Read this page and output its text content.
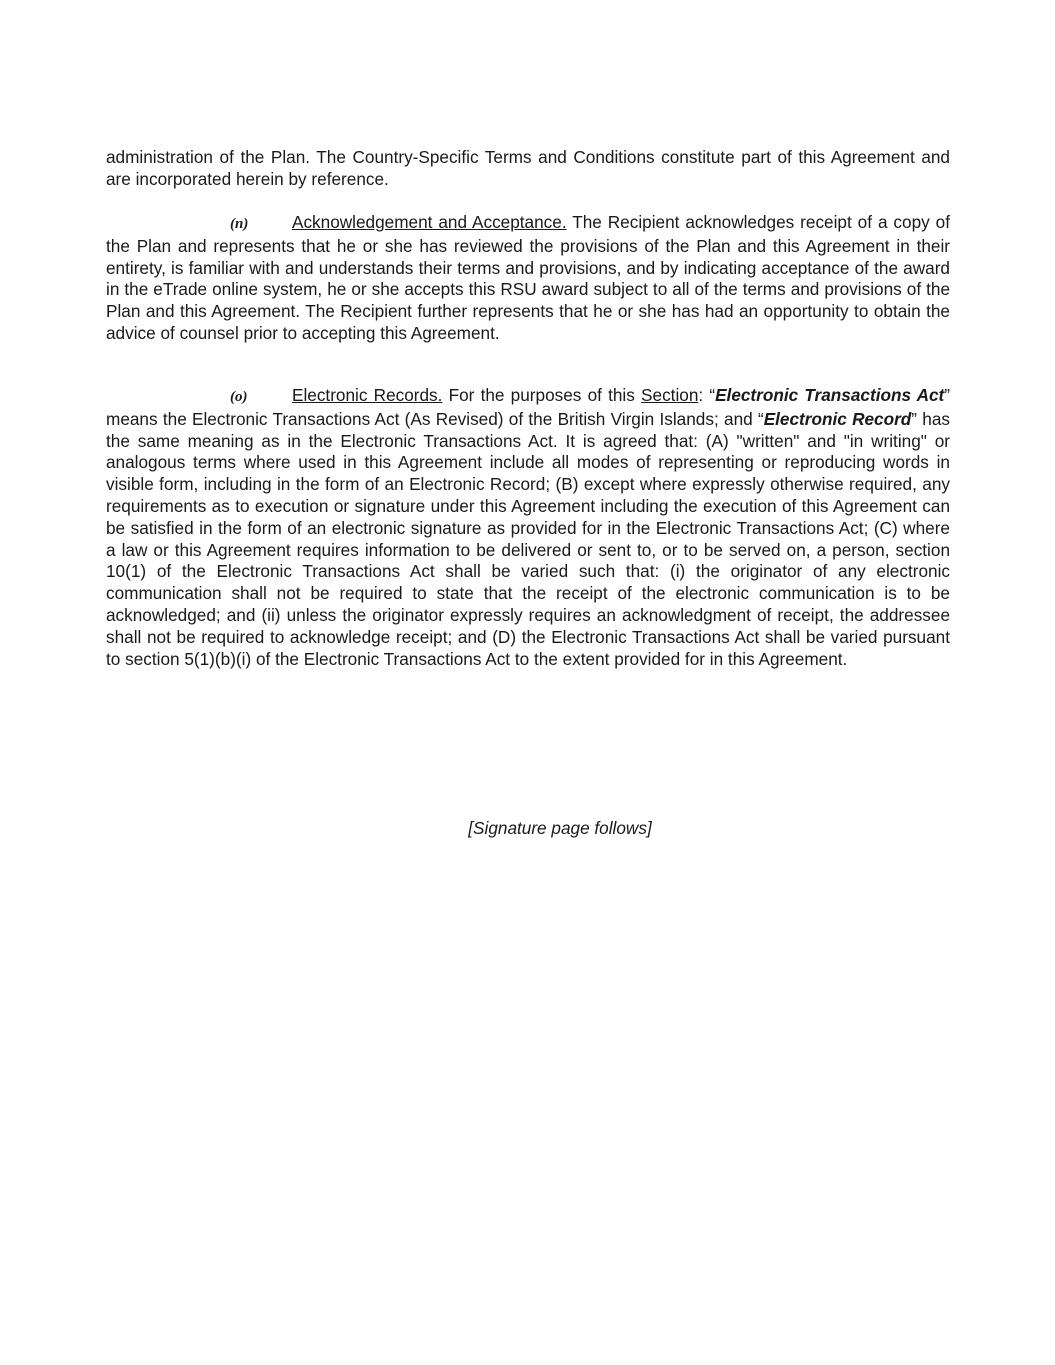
administration of the Plan. The Country-Specific Terms and Conditions constitute part of this Agreement and are incorporated herein by reference.

(n)	Acknowledgement and Acceptance. The Recipient acknowledges receipt of a copy of the Plan and represents that he or she has reviewed the provisions of the Plan and this Agreement in their entirety, is familiar with and understands their terms and provisions, and by indicating acceptance of the award in the eTrade online system, he or she accepts this RSU award subject to all of the terms and provisions of the Plan and this Agreement. The Recipient further represents that he or she has had an opportunity to obtain the advice of counsel prior to accepting this Agreement.

(o)	Electronic Records. For the purposes of this Section: “Electronic Transactions Act” means the Electronic Transactions Act (As Revised) of the British Virgin Islands; and “Electronic Record” has the same meaning as in the Electronic Transactions Act. It is agreed that: (A) "written" and "in writing" or analogous terms where used in this Agreement include all modes of representing or reproducing words in visible form, including in the form of an Electronic Record; (B) except where expressly otherwise required, any requirements as to execution or signature under this Agreement including the execution of this Agreement can be satisfied in the form of an electronic signature as provided for in the Electronic Transactions Act; (C) where a law or this Agreement requires information to be delivered or sent to, or to be served on, a person, section 10(1) of the Electronic Transactions Act shall be varied such that: (i) the originator of any electronic communication shall not be required to state that the receipt of the electronic communication is to be acknowledged; and (ii) unless the originator expressly requires an acknowledgment of receipt, the addressee shall not be required to acknowledge receipt; and (D) the Electronic Transactions Act shall be varied pursuant to section 5(1)(b)(i) of the Electronic Transactions Act to the extent provided for in this Agreement.

[Signature page follows]
